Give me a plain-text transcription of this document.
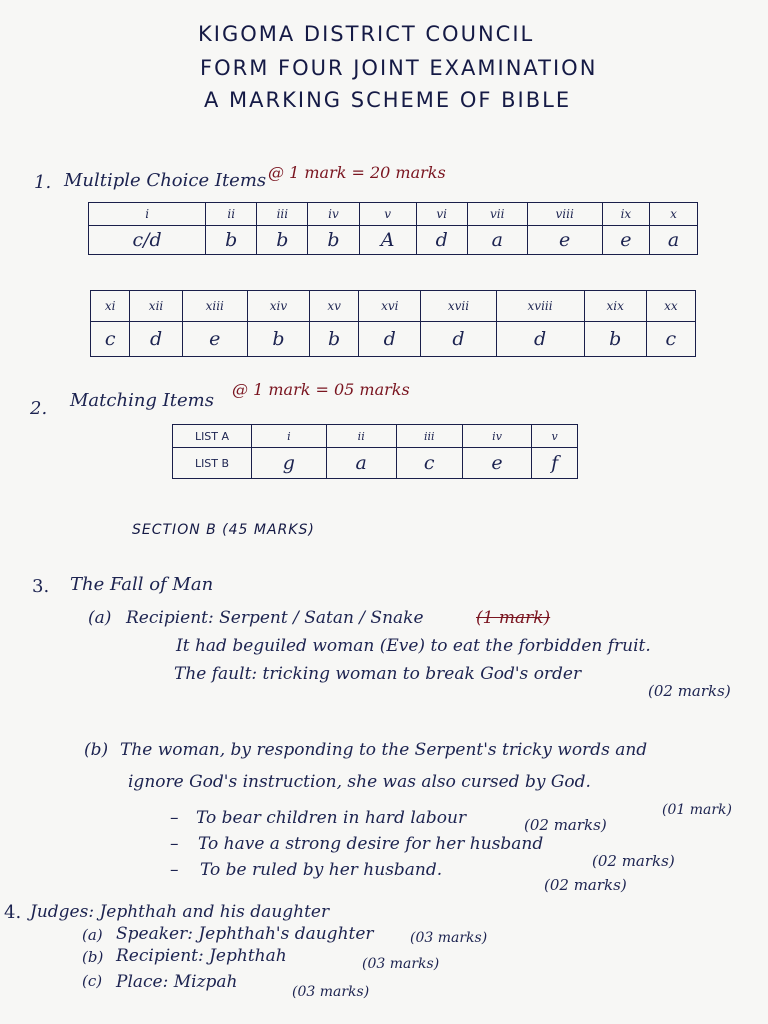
KIGOMA DISTRICT COUNCIL
FORM FOUR JOINT EXAMINATION
A MARKING SCHEME OF BIBLE
1. Multiple Choice Items @ 1 mark = 20 marks
i	ii	iii	iv	v	vi	vii	viii	ix	x
c/d	b	b	b	A	d	a	e	e	a
xi	xii	xiii	xiv	xv	xvi	xvii	xviii	xix	xx
c	d	e	b	b	d	d	d	b	c
2. Matching Items
@ 1 mark = 05 marks
LIST A	i	ii	iii	iv	v
LIST B	g	a	c	e	f
SECTION B (45 MARKS)
3. The Fall of Man
(a) Recipient: Serpent / Satan / Snake	(1 mark)
It had beguiled woman (Eve) to eat the forbidden fruit.
The fault: tricking woman to break God's order
(02 marks)
(b) The woman, by responding to the Serpent's tricky words and
ignore God's instruction, she was also cursed by God.
(01 mark)
– To bear children in hard labour	(02 marks)
– To have a strong desire for her husband
(02 marks)
– To be ruled by her husband.
(02 marks)
4. Judges: Jephthah and his daughter
(a) Speaker: Jephthah's daughter	(03 marks)
(b) Recipient: Jephthah	(03 marks)
(c) Place: Mizpah	(03 marks)
